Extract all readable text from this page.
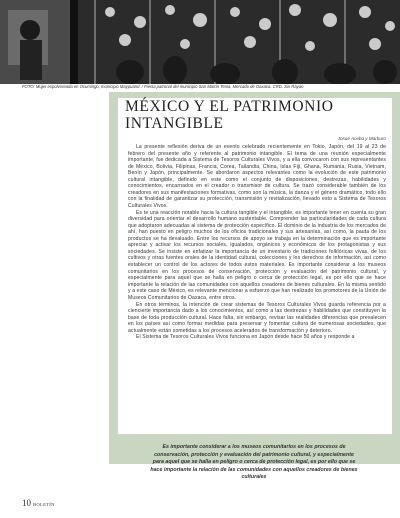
FOTO: Mujer espolvoreada en Ocumingo, municipio Maypuand. / Fiesta patronal del municipio San Martín Tenia, Mercado de Oaxaca. CRD. Sin Rayao
MÉXICO Y EL PATRIMONIO
INTANGIBLE
Josué Acebo y Marburo

La presente reflexión deriva de un evento celebrado recientemente en Tokio, Japón, del 19 al 23 de febrero del presente año y referente al patrimonio intangible. El tema de una reunión especialmente importante, fue dedicada a Sistema de Tesoros Culturales Vivos, y a ella convocaron con sus representantes de México, Bolivia, Filipinas, Francia, Corea, Tailandia, China, Islas Fiji, Ghana, Rumania, Rusia, Vietnam, Benín y Japón, principalmente. Se abordaron aspectos relevantes como la evolución de este patrimonio cultural intangible, definido en este como el conjunto de disposiciones, destrezas, habilidades y conocimientos, encarnados en el creador o transmisor de cultura. Se trazó considerable también de los creadores en sus manifestaciones formativas, como son la música, la danza y el género dramático, todo ello con la finalidad de garantizar su protección, transmisión y revitalización, llevado esto a Sistema de Tesoros Culturales Vivos.

Es te una reacción notable hacia la cultura tangible y el intangible, es importante tener en cuenta su gran diversidad para orientar el desarrollo humano sustentable. Comprender las particularidades de cada cultura que adoptaron adecuadas al sistema de protección específico. El dominio de la industria de los mercados de ahí, han puesto en peligro muchos de los oficios tradicionales y sus artesanías, así como, la pauta de los productos se ha devaluado. Entre los recursos de apoyo se trabaja en la determinación que es importante apreciar y activar los recursos sociales, igualados, orgánicos y económicos de los protagonistas y sus sociedades. Se insiste en enfatizar la importancia de un inventario de tradiciones folklóricas vivas, de los cultivos y otras fuentes orales de la identidad cultural, colecciones y los derechos de información, así como establecer un control de los actores de todos estos materiales. Es importante considerar a los museos comunitarios en los procesos de conservación, protección y evaluación del patrimonio cultural, y especialmente para aquel que se halla en peligro o cerca de protección legal, es por ello que se hace importante la relación de las comunidades con aquellos creadores de bienes culturales. En la misma sentido y a este caso de México, es relevante mencionar a esfuerzo que han realizado los promotores de la Unión de Museos Comunitarios de Oaxaca, entre otros.

En otros términos, la intención de crear sistemas de Tesoros Culturales Vivos guarda referencia por a ciencierte importancia dado a los conocimientos, así como a las destrezas y habilidades que constituyen la base de toda producción cultural. Hace falta, sin embargo, revisar las realidades diferencias que prevalecen en los países así como formar medidas para preservar y fomentar cultura de numerosas sociedades, que actualmente están sometidas a los procesos acelerados de transformación y deterioro.

El Sistema de Tesoros Culturales Vivos funciona en Japón desde hace 50 años y responde a

Es importante considerar a los museos comunitarios en los procesos de conservación, protección y evaluación del patrimonio cultural, y especialmente para aquel que se halla en peligro o cerca de protección legal, es por ello que se hace importante la relación de las comunidades con aquellos creadores de bienes culturales
10 BOLETÍN
